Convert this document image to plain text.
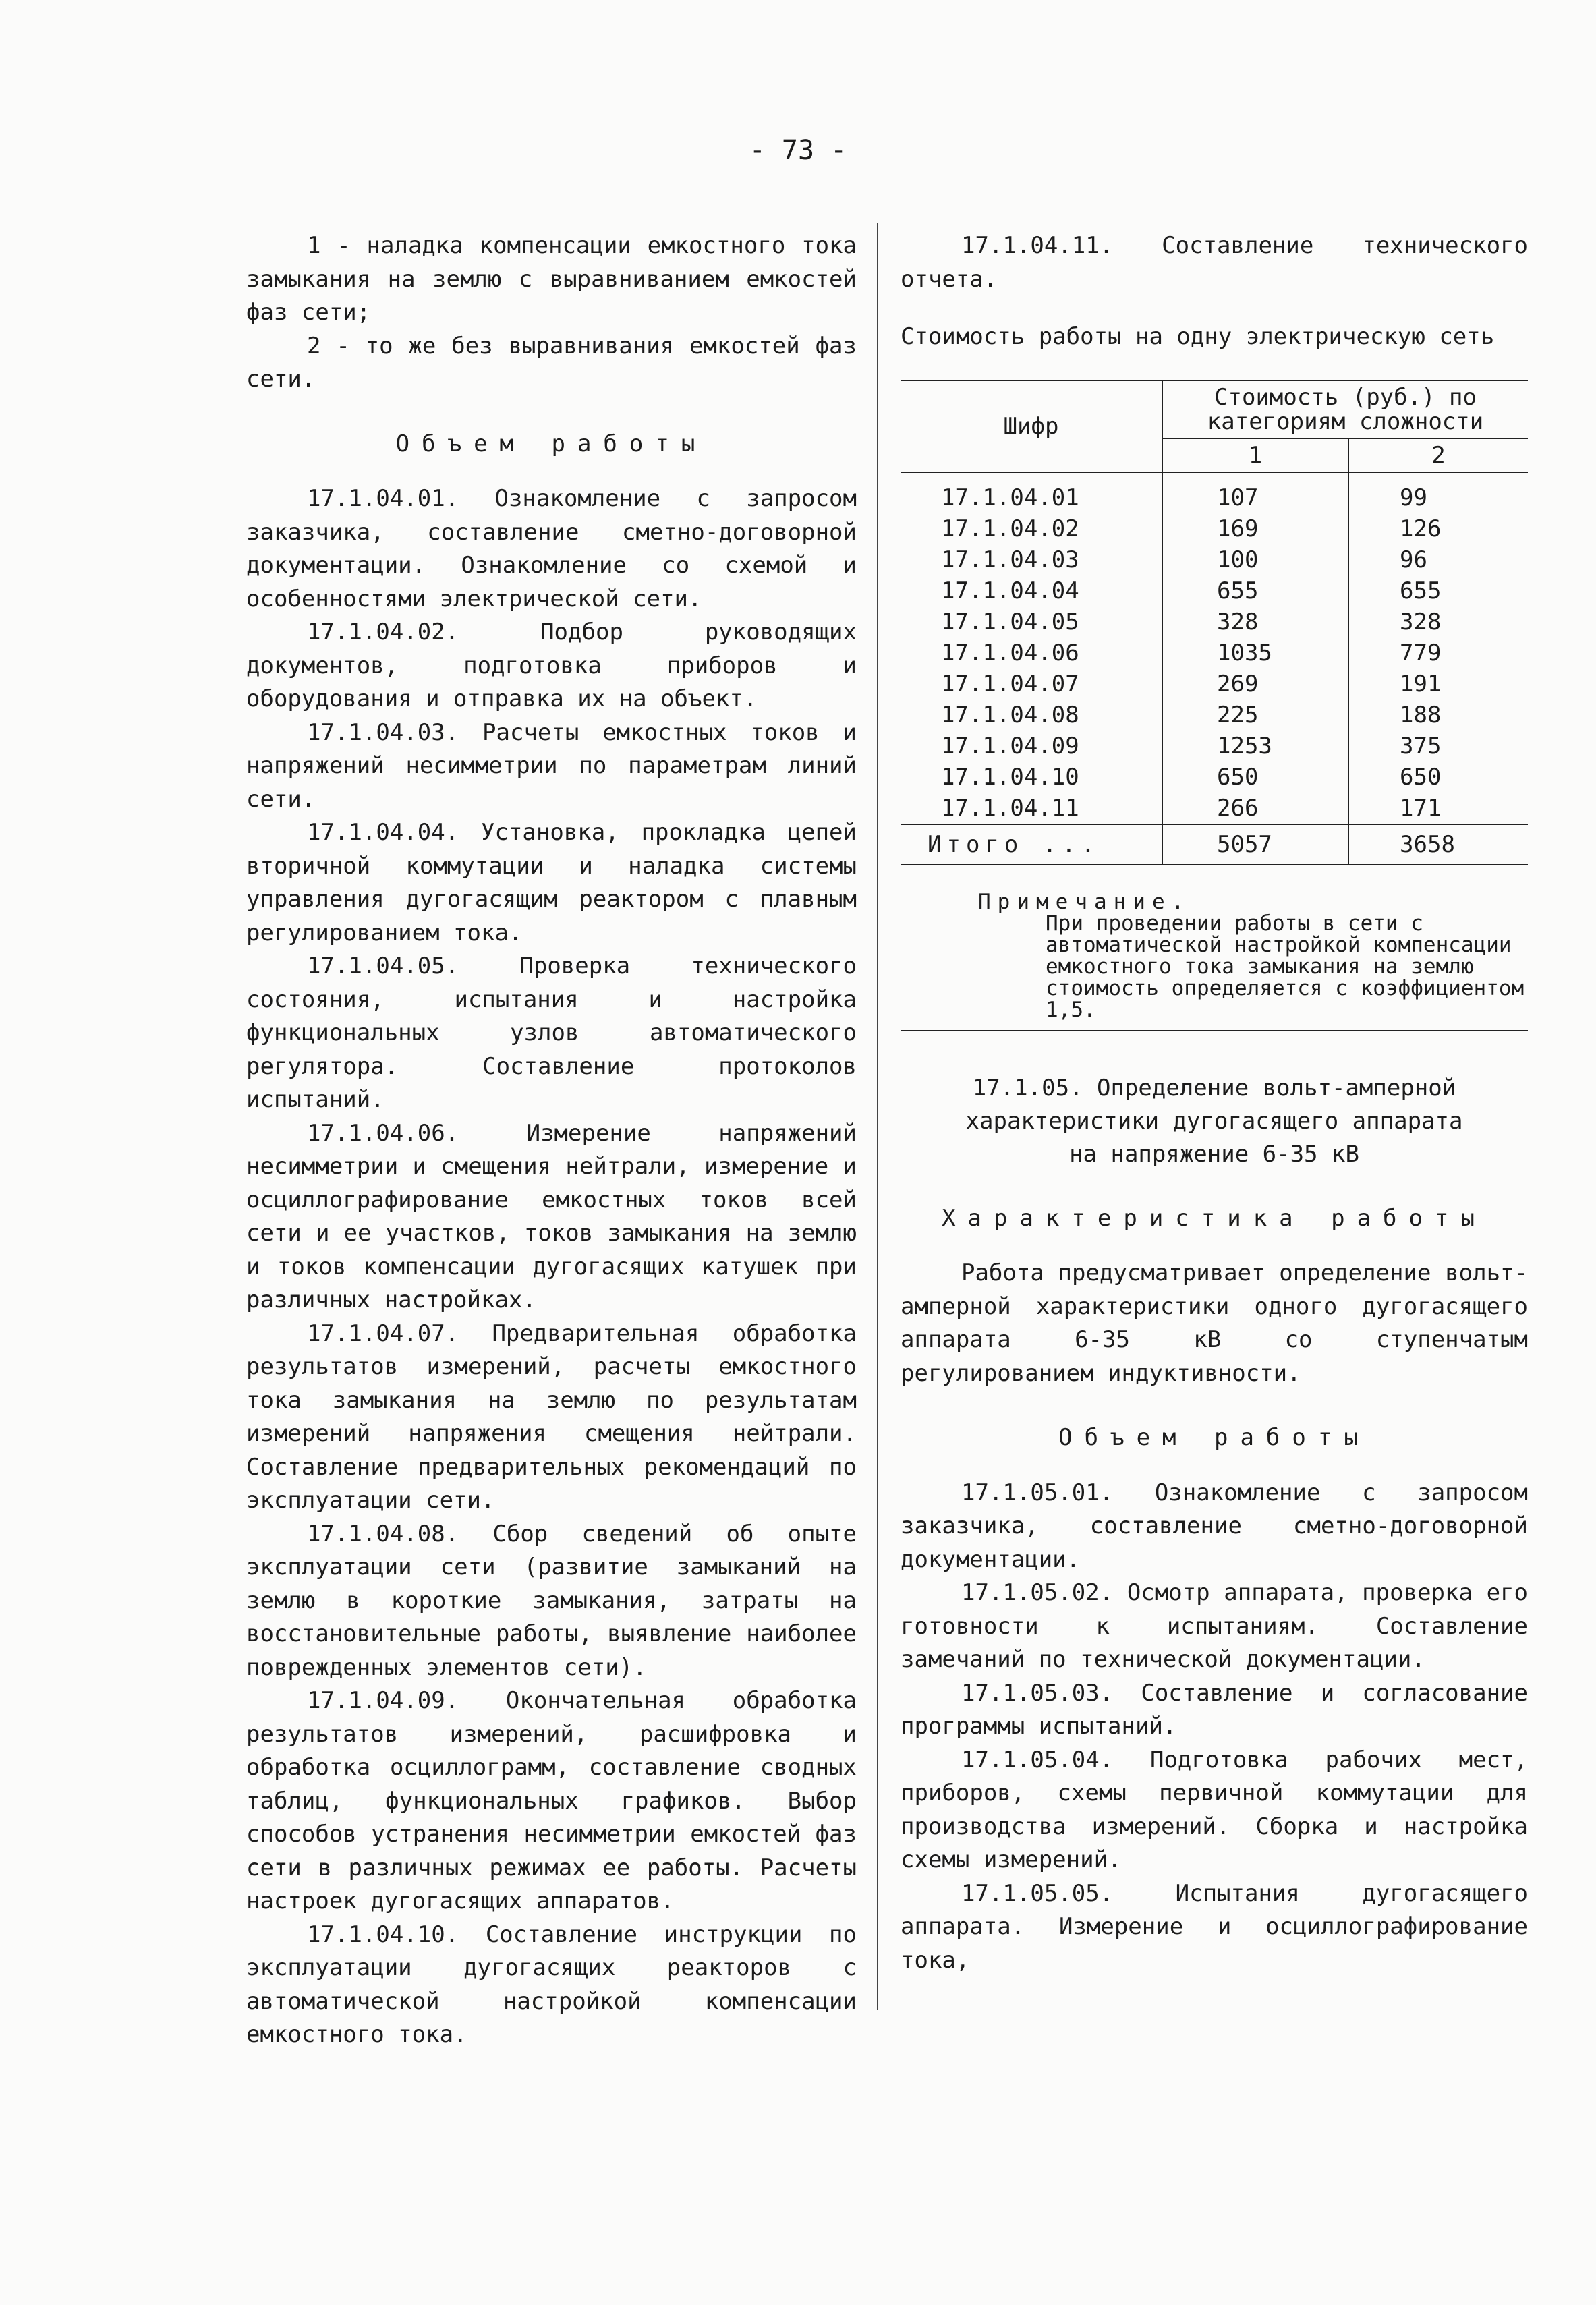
- 73 -

1 - наладка компенсации емкостного тока замыкания на землю с выравниванием емкостей фаз сети;

2 - то же без выравнивания емкостей фаз сети.

Объем работы

17.1.04.01. Ознакомление с запросом заказчика, составление сметно-договорной документации. Ознакомление со схемой и особенностями электрической сети.

17.1.04.02. Подбор руководящих документов, подготовка приборов и оборудования и отправка их на объект.

17.1.04.03. Расчеты емкостных токов и напряжений несимметрии по параметрам линий сети.

17.1.04.04. Установка, прокладка цепей вторичной коммутации и наладка системы управления дугогасящим реактором с плавным регулированием тока.

17.1.04.05. Проверка технического состояния, испытания и настройка функциональных узлов автоматического регулятора. Составление протоколов испытаний.

17.1.04.06. Измерение напряжений несимметрии и смещения нейтрали, измерение и осциллографирование емкостных токов всей сети и ее участков, токов замыкания на землю и токов компенсации дугогасящих катушек при различных настройках.

17.1.04.07. Предварительная обработка результатов измерений, расчеты емкостного тока замыкания на землю по результатам измерений напряжения смещения нейтрали. Составление предварительных рекомендаций по эксплуатации сети.

17.1.04.08. Сбор сведений об опыте эксплуатации сети (развитие замыканий на землю в короткие замыкания, затраты на восстановительные работы, выявление наиболее поврежденных элементов сети).

17.1.04.09. Окончательная обработка результатов измерений, расшифровка и обработка осциллограмм, составление сводных таблиц, функциональных графиков. Выбор способов устранения несимметрии емкостей фаз сети в различных режимах ее работы. Расчеты настроек дугогасящих аппаратов.

17.1.04.10. Составление инструкции по эксплуатации дугогасящих реакторов с автоматической настройкой компенсации емкостного тока.

17.1.04.11. Составление технического отчета.

Стоимость работы на одну электрическую сеть

Шифр	Стоимость (руб.) по категориям сложности	
	1	2
17.1.04.01	107	99
17.1.04.02	169	126
17.1.04.03	100	96
17.1.04.04	655	655
17.1.04.05	328	328
17.1.04.06	1035	779
17.1.04.07	269	191
17.1.04.08	225	188
17.1.04.09	1253	375
17.1.04.10	650	650
17.1.04.11	266	171
Итого ...	5057	3658
Примечание.
При проведении работы в сети с автоматической настройкой компенсации емкостного тока замыкания на землю стоимость определяется с коэффициентом 1,5.
17.1.05. Определение вольт-амперной
характеристики дугогасящего аппарата
на напряжение 6-35 кВ
Характеристика работы

Работа предусматривает определение вольт-амперной характеристики одного дугогасящего аппарата 6-35 кВ со ступенчатым регулированием индуктивности.

Объем работы

17.1.05.01. Ознакомление с запросом заказчика, составление сметно-договорной документации.

17.1.05.02. Осмотр аппарата, проверка его готовности к испытаниям. Составление замечаний по технической документации.

17.1.05.03. Составление и согласование программы испытаний.

17.1.05.04. Подготовка рабочих мест, приборов, схемы первичной коммутации для производства измерений. Сборка и настройка схемы измерений.

17.1.05.05. Испытания дугогасящего аппарата. Измерение и осциллографирование тока,
